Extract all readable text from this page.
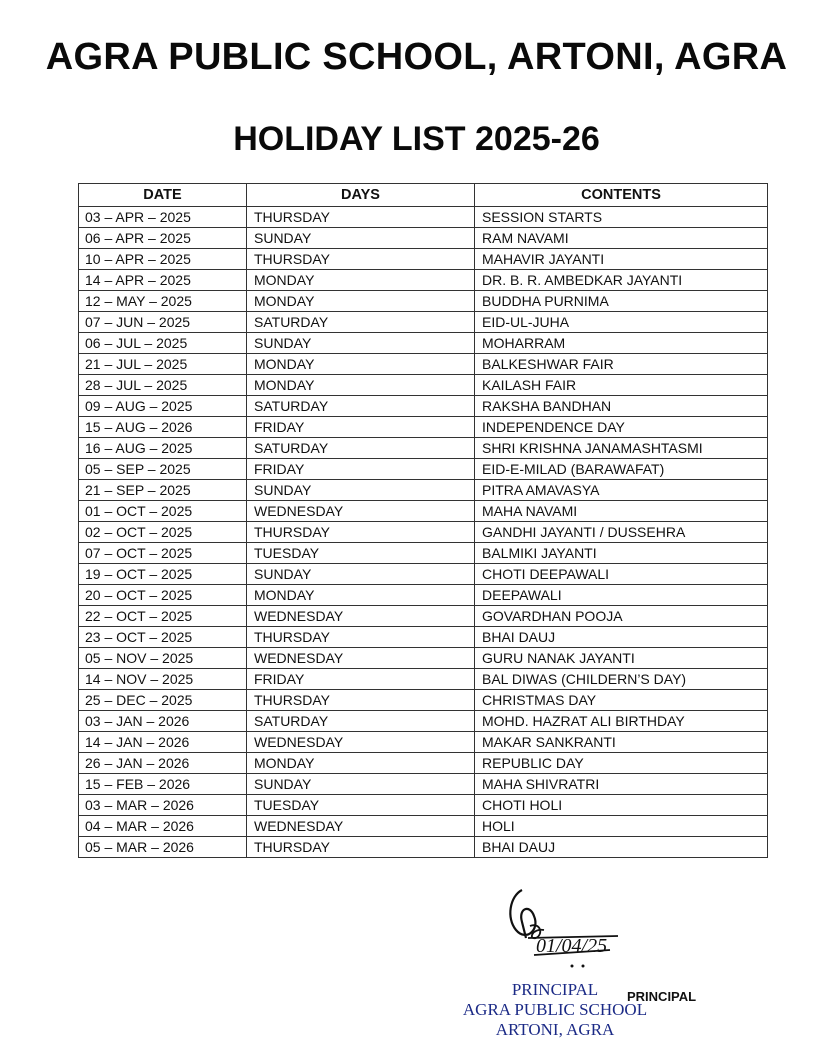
AGRA PUBLIC SCHOOL, ARTONI, AGRA
HOLIDAY LIST 2025-26
DATE	DAYS	CONTENTS
03 – APR – 2025	THURSDAY	SESSION STARTS
06 – APR – 2025	SUNDAY	RAM NAVAMI
10 – APR – 2025	THURSDAY	MAHAVIR JAYANTI
14 – APR – 2025	MONDAY	DR. B. R. AMBEDKAR JAYANTI
12 – MAY – 2025	MONDAY	BUDDHA PURNIMA
07 – JUN – 2025	SATURDAY	EID-UL-JUHA
06 – JUL – 2025	SUNDAY	MOHARRAM
21 – JUL – 2025	MONDAY	BALKESHWAR FAIR
28 – JUL – 2025	MONDAY	KAILASH FAIR
09 – AUG – 2025	SATURDAY	RAKSHA BANDHAN
15 – AUG – 2026	FRIDAY	INDEPENDENCE DAY
16 – AUG – 2025	SATURDAY	SHRI KRISHNA JANAMASHTASMI
05 – SEP – 2025	FRIDAY	EID-E-MILAD (BARAWAFAT)
21 – SEP – 2025	SUNDAY	PITRA AMAVASYA
01 – OCT – 2025	WEDNESDAY	MAHA NAVAMI
02 – OCT – 2025	THURSDAY	GANDHI JAYANTI / DUSSEHRA
07 – OCT – 2025	TUESDAY	BALMIKI JAYANTI
19 – OCT – 2025	SUNDAY	CHOTI DEEPAWALI
20 – OCT – 2025	MONDAY	DEEPAWALI
22 – OCT – 2025	WEDNESDAY	GOVARDHAN POOJA
23 – OCT – 2025	THURSDAY	BHAI DAUJ
05 – NOV – 2025	WEDNESDAY	GURU NANAK JAYANTI
14 – NOV – 2025	FRIDAY	BAL DIWAS (CHILDERN’S DAY)
25 – DEC – 2025	THURSDAY	CHRISTMAS DAY
03 – JAN – 2026	SATURDAY	MOHD. HAZRAT ALI BIRTHDAY
14 – JAN – 2026	WEDNESDAY	MAKAR SANKRANTI
26 – JAN – 2026	MONDAY	REPUBLIC DAY
15 – FEB – 2026	SUNDAY	MAHA SHIVRATRI
03 – MAR – 2026	TUESDAY	CHOTI HOLI
04 – MAR – 2026	WEDNESDAY	HOLI
05 – MAR – 2026	THURSDAY	BHAI DAUJ
01/04/25
PRINCIPAL
AGRA PUBLIC SCHOOL
ARTONI, AGRA
PRINCIPAL
